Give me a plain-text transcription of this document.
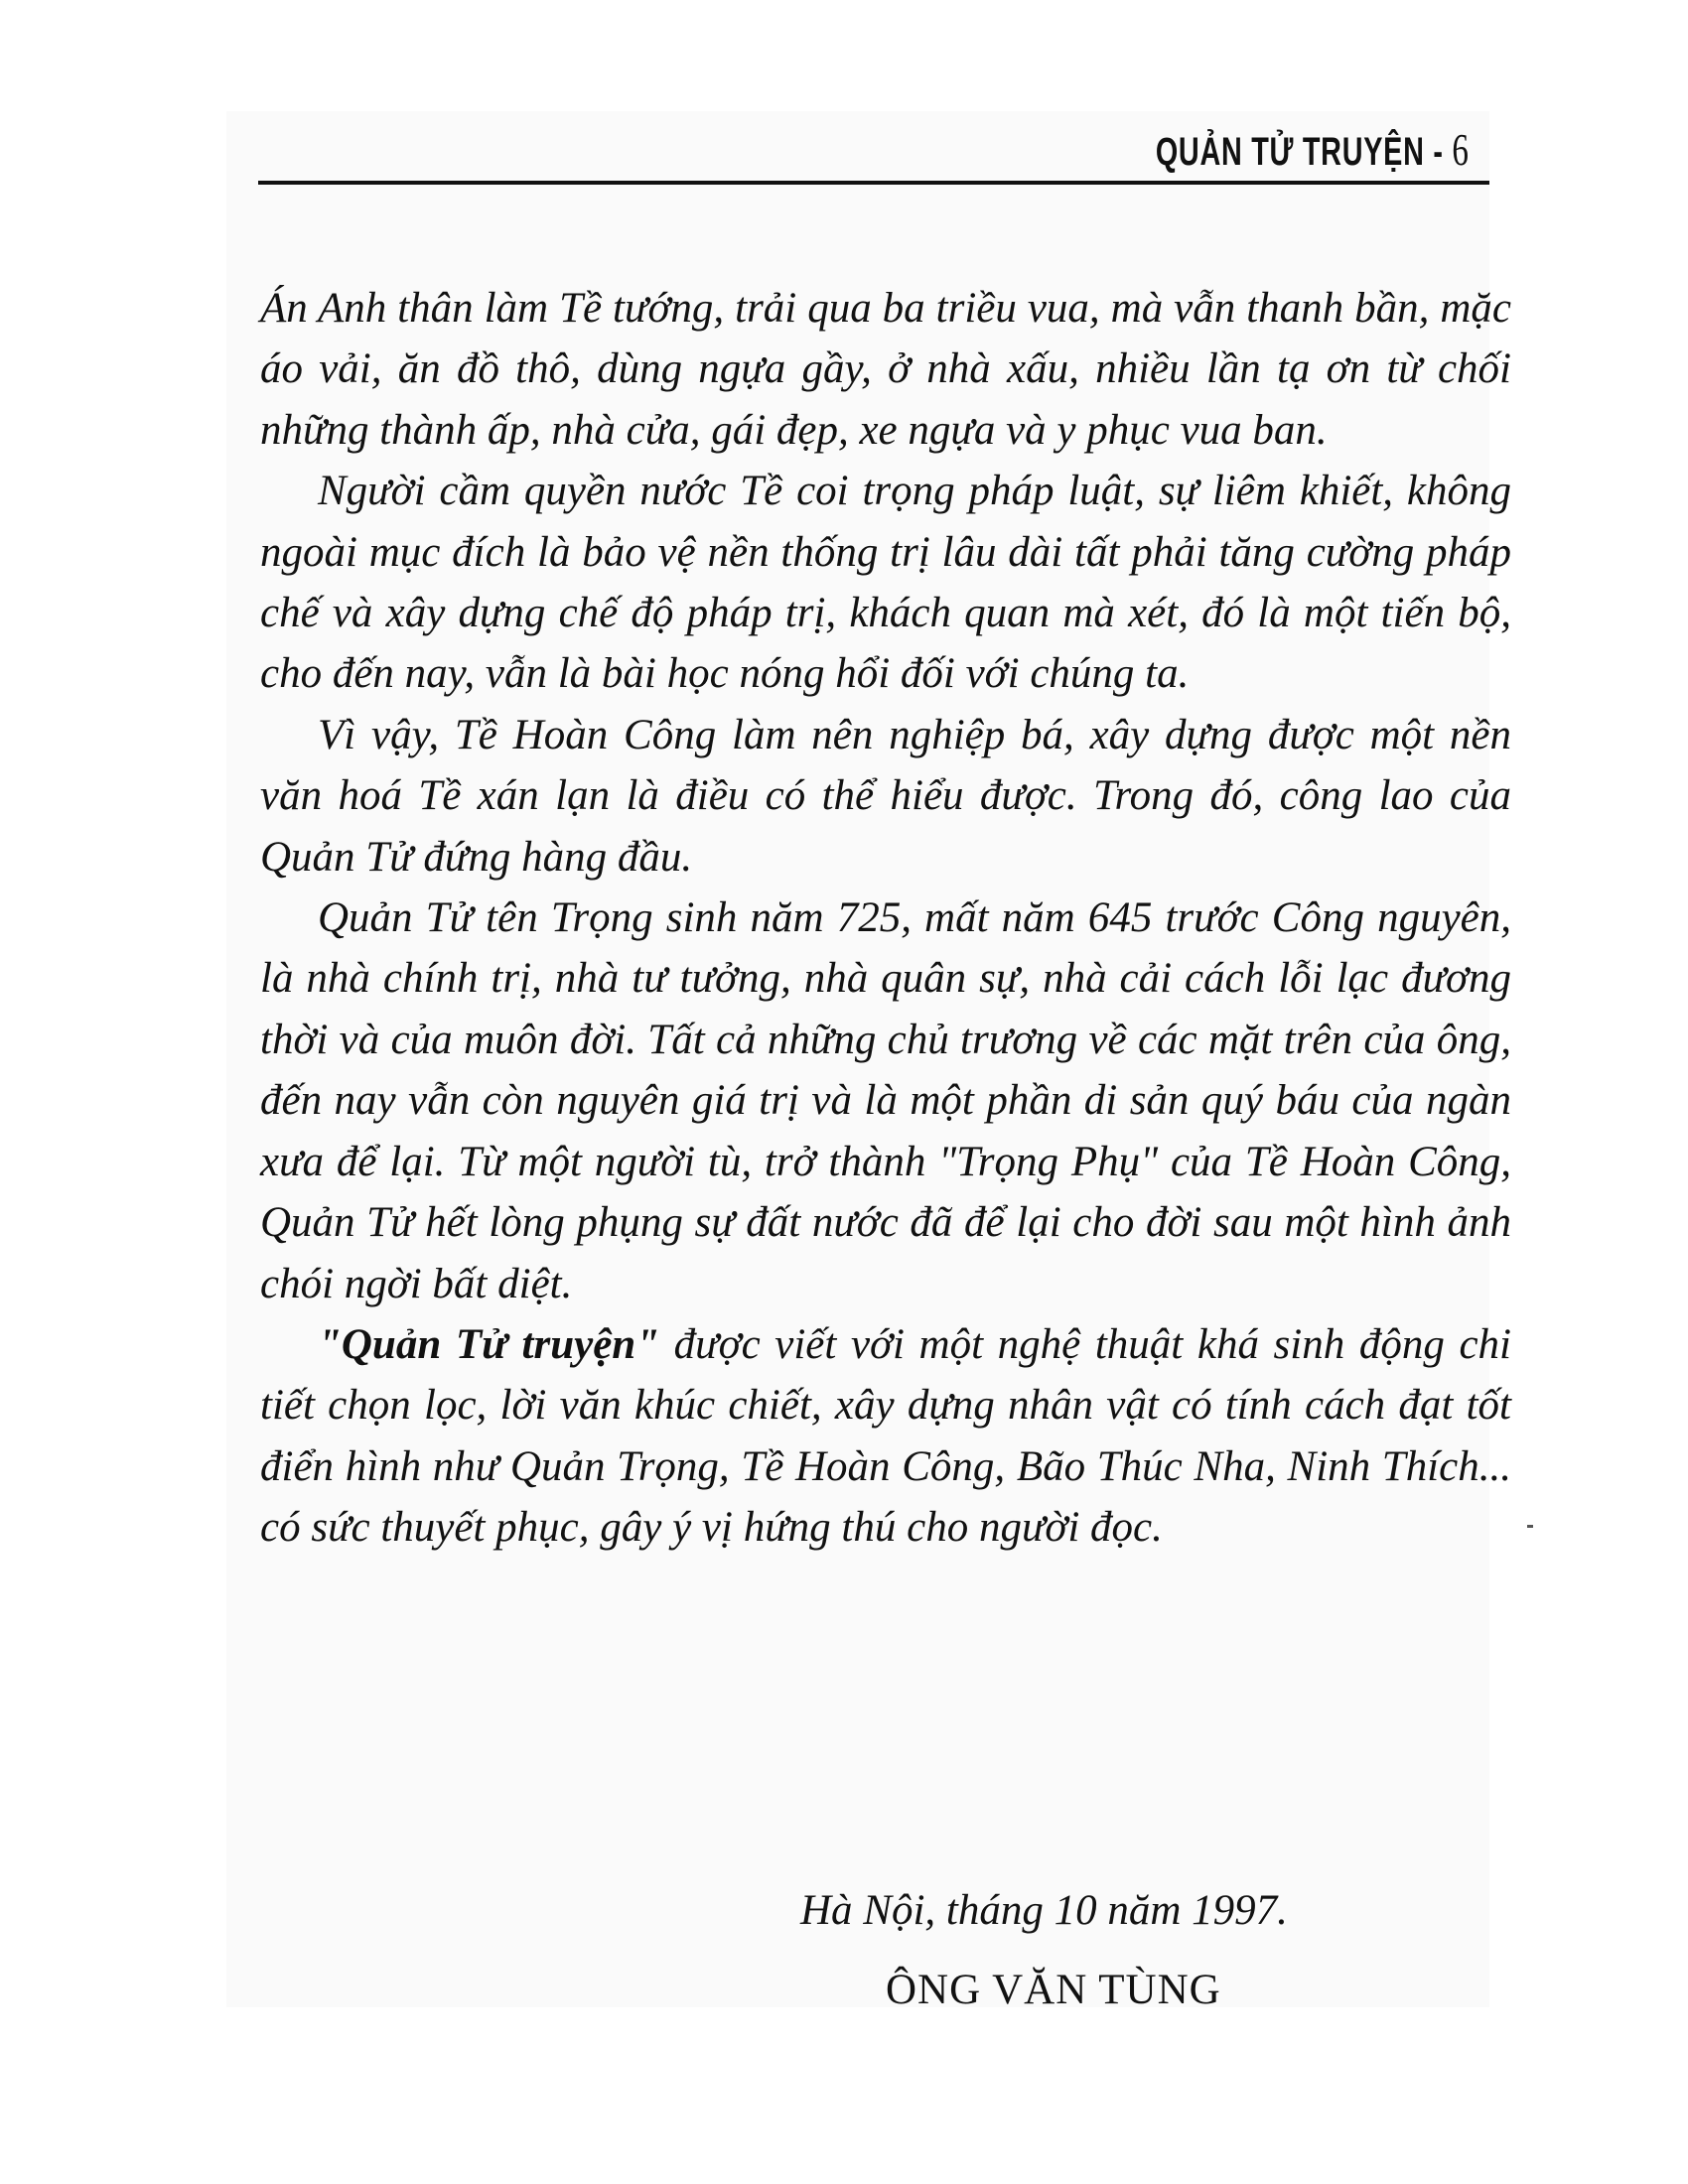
QUẢN TỬ TRUYỆN - 6

Án Anh thân làm Tề tướng, trải qua ba triều vua, mà vẫn thanh bần, mặc áo vải, ăn đồ thô, dùng ngựa gầy, ở nhà xấu, nhiều lần tạ ơn từ chối những thành ấp, nhà cửa, gái đẹp, xe ngựa và y phục vua ban.

Người cầm quyền nước Tề coi trọng pháp luật, sự liêm khiết, không ngoài mục đích là bảo vệ nền thống trị lâu dài tất phải tăng cường pháp chế và xây dựng chế độ pháp trị, khách quan mà xét, đó là một tiến bộ, cho đến nay, vẫn là bài học nóng hổi đối với chúng ta.

Vì vậy, Tề Hoàn Công làm nên nghiệp bá, xây dựng được một nền văn hoá Tề xán lạn là điều có thể hiểu được. Trong đó, công lao của Quản Tử đứng hàng đầu.

Quản Tử tên Trọng sinh năm 725, mất năm 645 trước Công nguyên, là nhà chính trị, nhà tư tưởng, nhà quân sự, nhà cải cách lỗi lạc đương thời và của muôn đời. Tất cả những chủ trương về các mặt trên của ông, đến nay vẫn còn nguyên giá trị và là một phần di sản quý báu của ngàn xưa để lại. Từ một người tù, trở thành "Trọng Phụ" của Tề Hoàn Công, Quản Tử hết lòng phụng sự đất nước đã để lại cho đời sau một hình ảnh chói ngời bất diệt.

"Quản Tử truyện" được viết với một nghệ thuật khá sinh động chi tiết chọn lọc, lời văn khúc chiết, xây dựng nhân vật có tính cách đạt tốt điển hình như Quản Trọng, Tề Hoàn Công, Bão Thúc Nha, Ninh Thích... có sức thuyết phục, gây ý vị hứng thú cho người đọc.

Hà Nội, tháng 10 năm 1997.
ÔNG VĂN TÙNG
